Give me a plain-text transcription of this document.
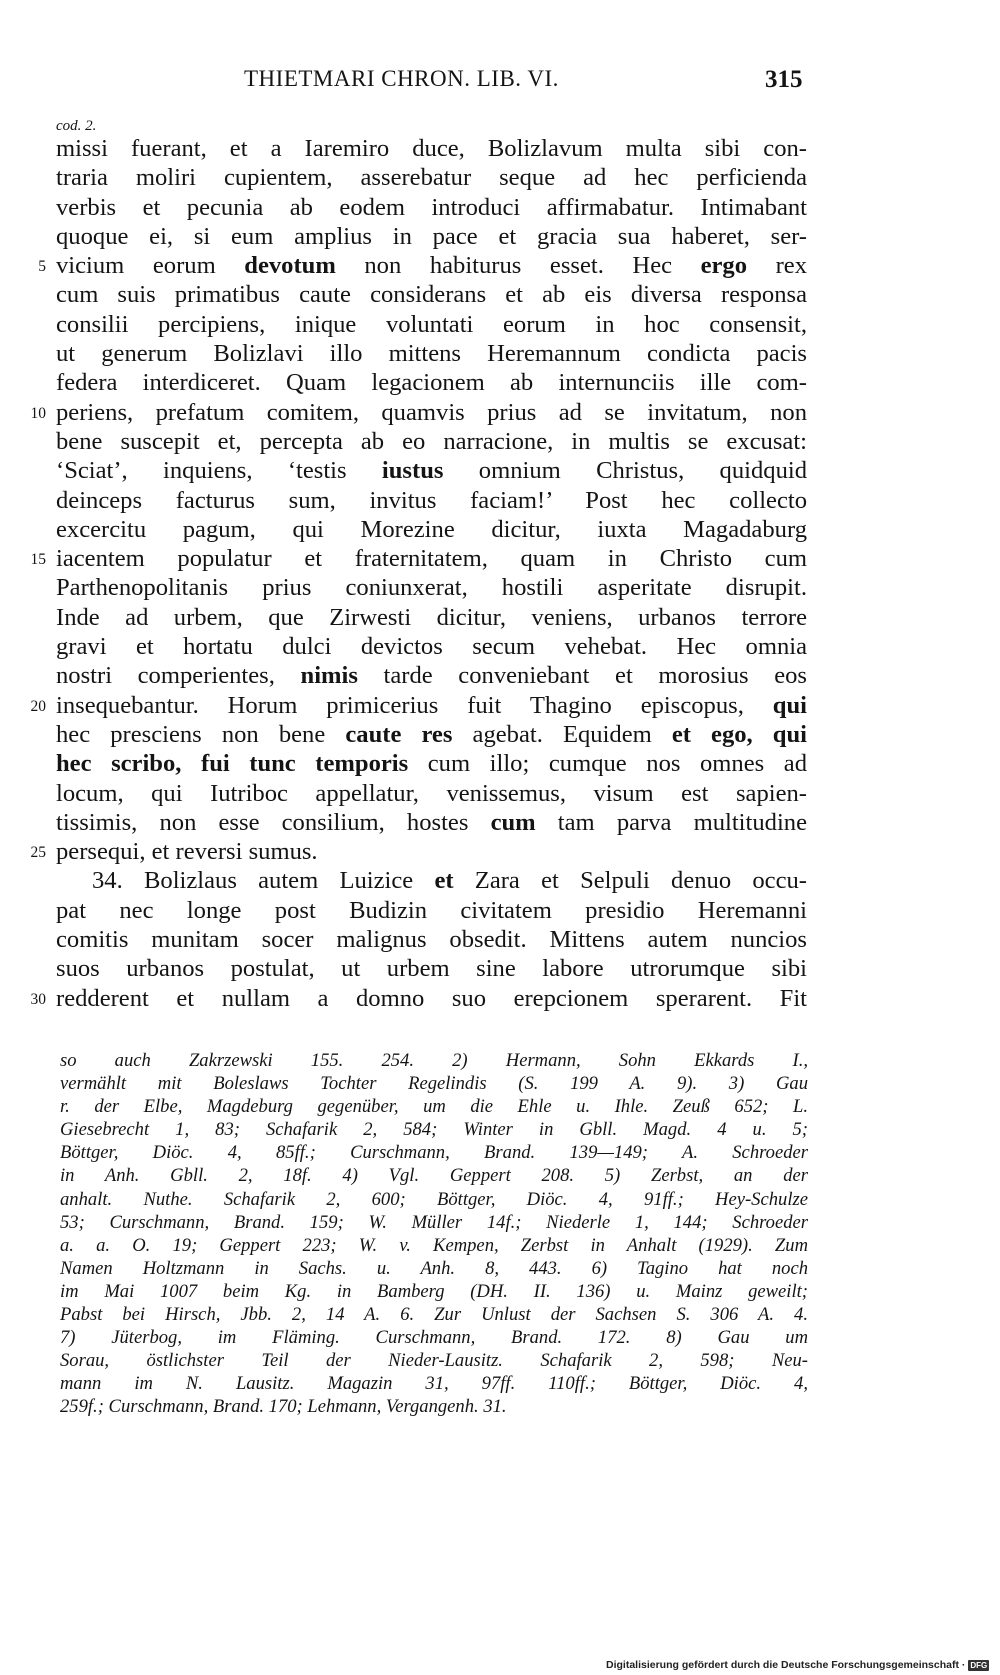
THIETMARI CHRON. LIB. VI.	315
cod. 2.
missi fuerant, et a Iaremiro duce, Bolizlavum multa sibi con-
traria moliri cupientem, asserebatur seque ad hec perficienda
verbis et pecunia ab eodem introduci affirmabatur. Intimabant
quoque ei, si eum amplius in pace et gracia sua haberet, ser-
5 vicium eorum devotum non habiturus esset. Hec ergo rex
cum suis primatibus caute considerans et ab eis diversa responsa
consilii percipiens, inique voluntati eorum in hoc consensit,
ut generum Bolizlavi illo mittens Heremannum condicta pacis
federa interdiceret. Quam legacionem ab internunciis ille com-
10 periens, prefatum comitem, quamvis prius ad se invitatum, non
bene suscepit et, percepta ab eo narracione, in multis se excusat:
‘Sciat’, inquiens, ‘testis iustus omnium Christus, quidquid
deinceps facturus sum, invitus faciam!’ Post hec collecto
excercitu pagum, qui Morezine dicitur, iuxta Magadaburg
15 iacentem populatur et fraternitatem, quam in Christo cum
Parthenopolitanis prius coniunxerat, hostili asperitate disrupit.
Inde ad urbem, que Zirwesti dicitur, veniens, urbanos terrore
gravi et hortatu dulci devictos secum vehebat. Hec omnia
nostri comperientes, nimis tarde conveniebant et morosius eos
20 insequebantur. Horum primicerius fuit Thagino episcopus, qui
hec presciens non bene caute res agebat. Equidem et ego, qui
hec scribo, fui tunc temporis cum illo; cumque nos omnes ad
locum, qui Iutriboc appellatur, venissemus, visum est sapien-
tissimis, non esse consilium, hostes cum tam parva multitudine
25 persequi, et reversi sumus.
34. Bolizlaus autem Luizice et Zara et Selpuli denuo occu-
pat nec longe post Budizin civitatem presidio Heremanni
comitis munitam socer malignus obsedit. Mittens autem nuncios
suos urbanos postulat, ut urbem sine labore utrorumque sibi
30 redderent et nullam a domno suo erepcionem sperarent. Fit
so auch Zakrzewski 155. 254. 2) Hermann, Sohn Ekkards I.,
vermählt mit Boleslaws Tochter Regelindis (S. 199 A. 9). 3) Gau
r. der Elbe, Magdeburg gegenüber, um die Ehle u. Ihle. Zeuß 652; L.
Giesebrecht 1, 83; Schafarik 2, 584; Winter in Gbll. Magd. 4 u. 5;
Böttger, Diöc. 4, 85ff.; Curschmann, Brand. 139—149; A. Schroeder
in Anh. Gbll. 2, 18f. 4) Vgl. Geppert 208. 5) Zerbst, an der
anhalt. Nuthe. Schafarik 2, 600; Böttger, Diöc. 4, 91ff.; Hey-Schulze
53; Curschmann, Brand. 159; W. Müller 14f.; Niederle 1, 144; Schroeder
a. a. O. 19; Geppert 223; W. v. Kempen, Zerbst in Anhalt (1929). Zum
Namen Holtzmann in Sachs. u. Anh. 8, 443. 6) Tagino hat noch
im Mai 1007 beim Kg. in Bamberg (DH. II. 136) u. Mainz geweilt;
Pabst bei Hirsch, Jbb. 2, 14 A. 6. Zur Unlust der Sachsen S. 306 A. 4.
7) Jüterbog, im Fläming. Curschmann, Brand. 172. 8) Gau um
Sorau, östlichster Teil der Nieder-Lausitz. Schafarik 2, 598; Neu-
mann im N. Lausitz. Magazin 31, 97ff. 110ff.; Böttger, Diöc. 4,
259f.; Curschmann, Brand. 170; Lehmann, Vergangenh. 31.
Digitalisierung gefördert durch die Deutsche Forschungsgemeinschaft · DFG
